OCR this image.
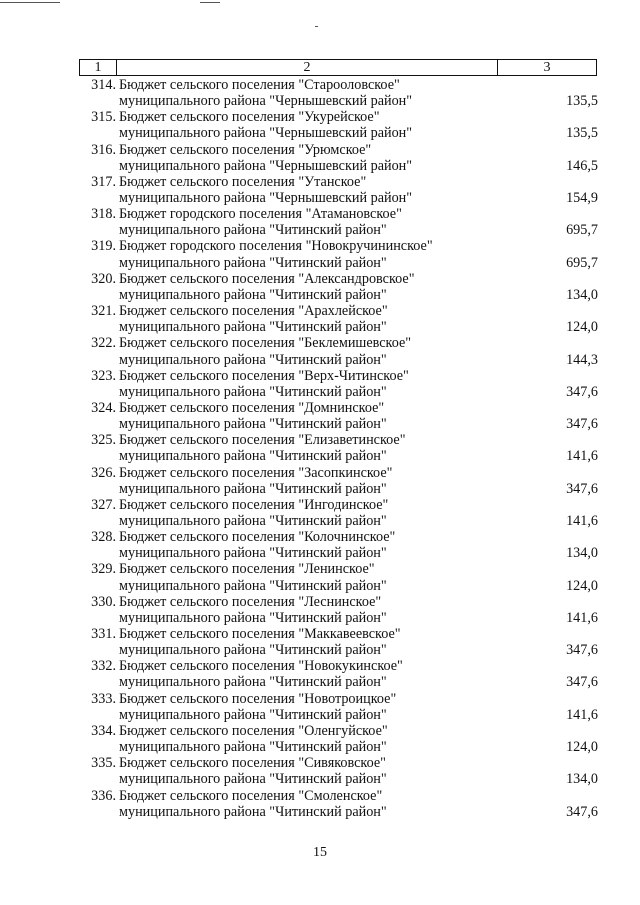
1	2	3
314. Бюджет сельского поселения "Старооловское"
муниципального района "Чернышевский район"	135,5
315. Бюджет сельского поселения "Укурейское"
муниципального района "Чернышевский район"	135,5
316. Бюджет сельского поселения "Урюмское"
муниципального района "Чернышевский район"	146,5
317. Бюджет сельского поселения "Утанское"
муниципального района "Чернышевский район"	154,9
318. Бюджет городского поселения "Атамановское"
муниципального района "Читинский район"	695,7
319. Бюджет городского поселения "Новокручининское"
муниципального района "Читинский район"	695,7
320. Бюджет сельского поселения "Александровское"
муниципального района "Читинский район"	134,0
321. Бюджет сельского поселения "Арахлейское"
муниципального района "Читинский район"	124,0
322. Бюджет сельского поселения "Беклемишевское"
муниципального района "Читинский район"	144,3
323. Бюджет сельского поселения "Верх-Читинское"
муниципального района "Читинский район"	347,6
324. Бюджет сельского поселения "Домнинское"
муниципального района "Читинский район"	347,6
325. Бюджет сельского поселения "Елизаветинское"
муниципального района "Читинский район"	141,6
326. Бюджет сельского поселения "Засопкинское"
муниципального района "Читинский район"	347,6
327. Бюджет сельского поселения "Ингодинское"
муниципального района "Читинский район"	141,6
328. Бюджет сельского поселения "Колочнинское"
муниципального района "Читинский район"	134,0
329. Бюджет сельского поселения "Ленинское"
муниципального района "Читинский район"	124,0
330. Бюджет сельского поселения "Леснинское"
муниципального района "Читинский район"	141,6
331. Бюджет сельского поселения "Маккавеевское"
муниципального района "Читинский район"	347,6
332. Бюджет сельского поселения "Новокукинское"
муниципального района "Читинский район"	347,6
333. Бюджет сельского поселения "Новотроицкое"
муниципального района "Читинский район"	141,6
334. Бюджет сельского поселения "Оленгуйское"
муниципального района "Читинский район"	124,0
335. Бюджет сельского поселения "Сивяковское"
муниципального района "Читинский район"	134,0
336. Бюджет сельского поселения "Смоленское"
муниципального района "Читинский район"	347,6
15
